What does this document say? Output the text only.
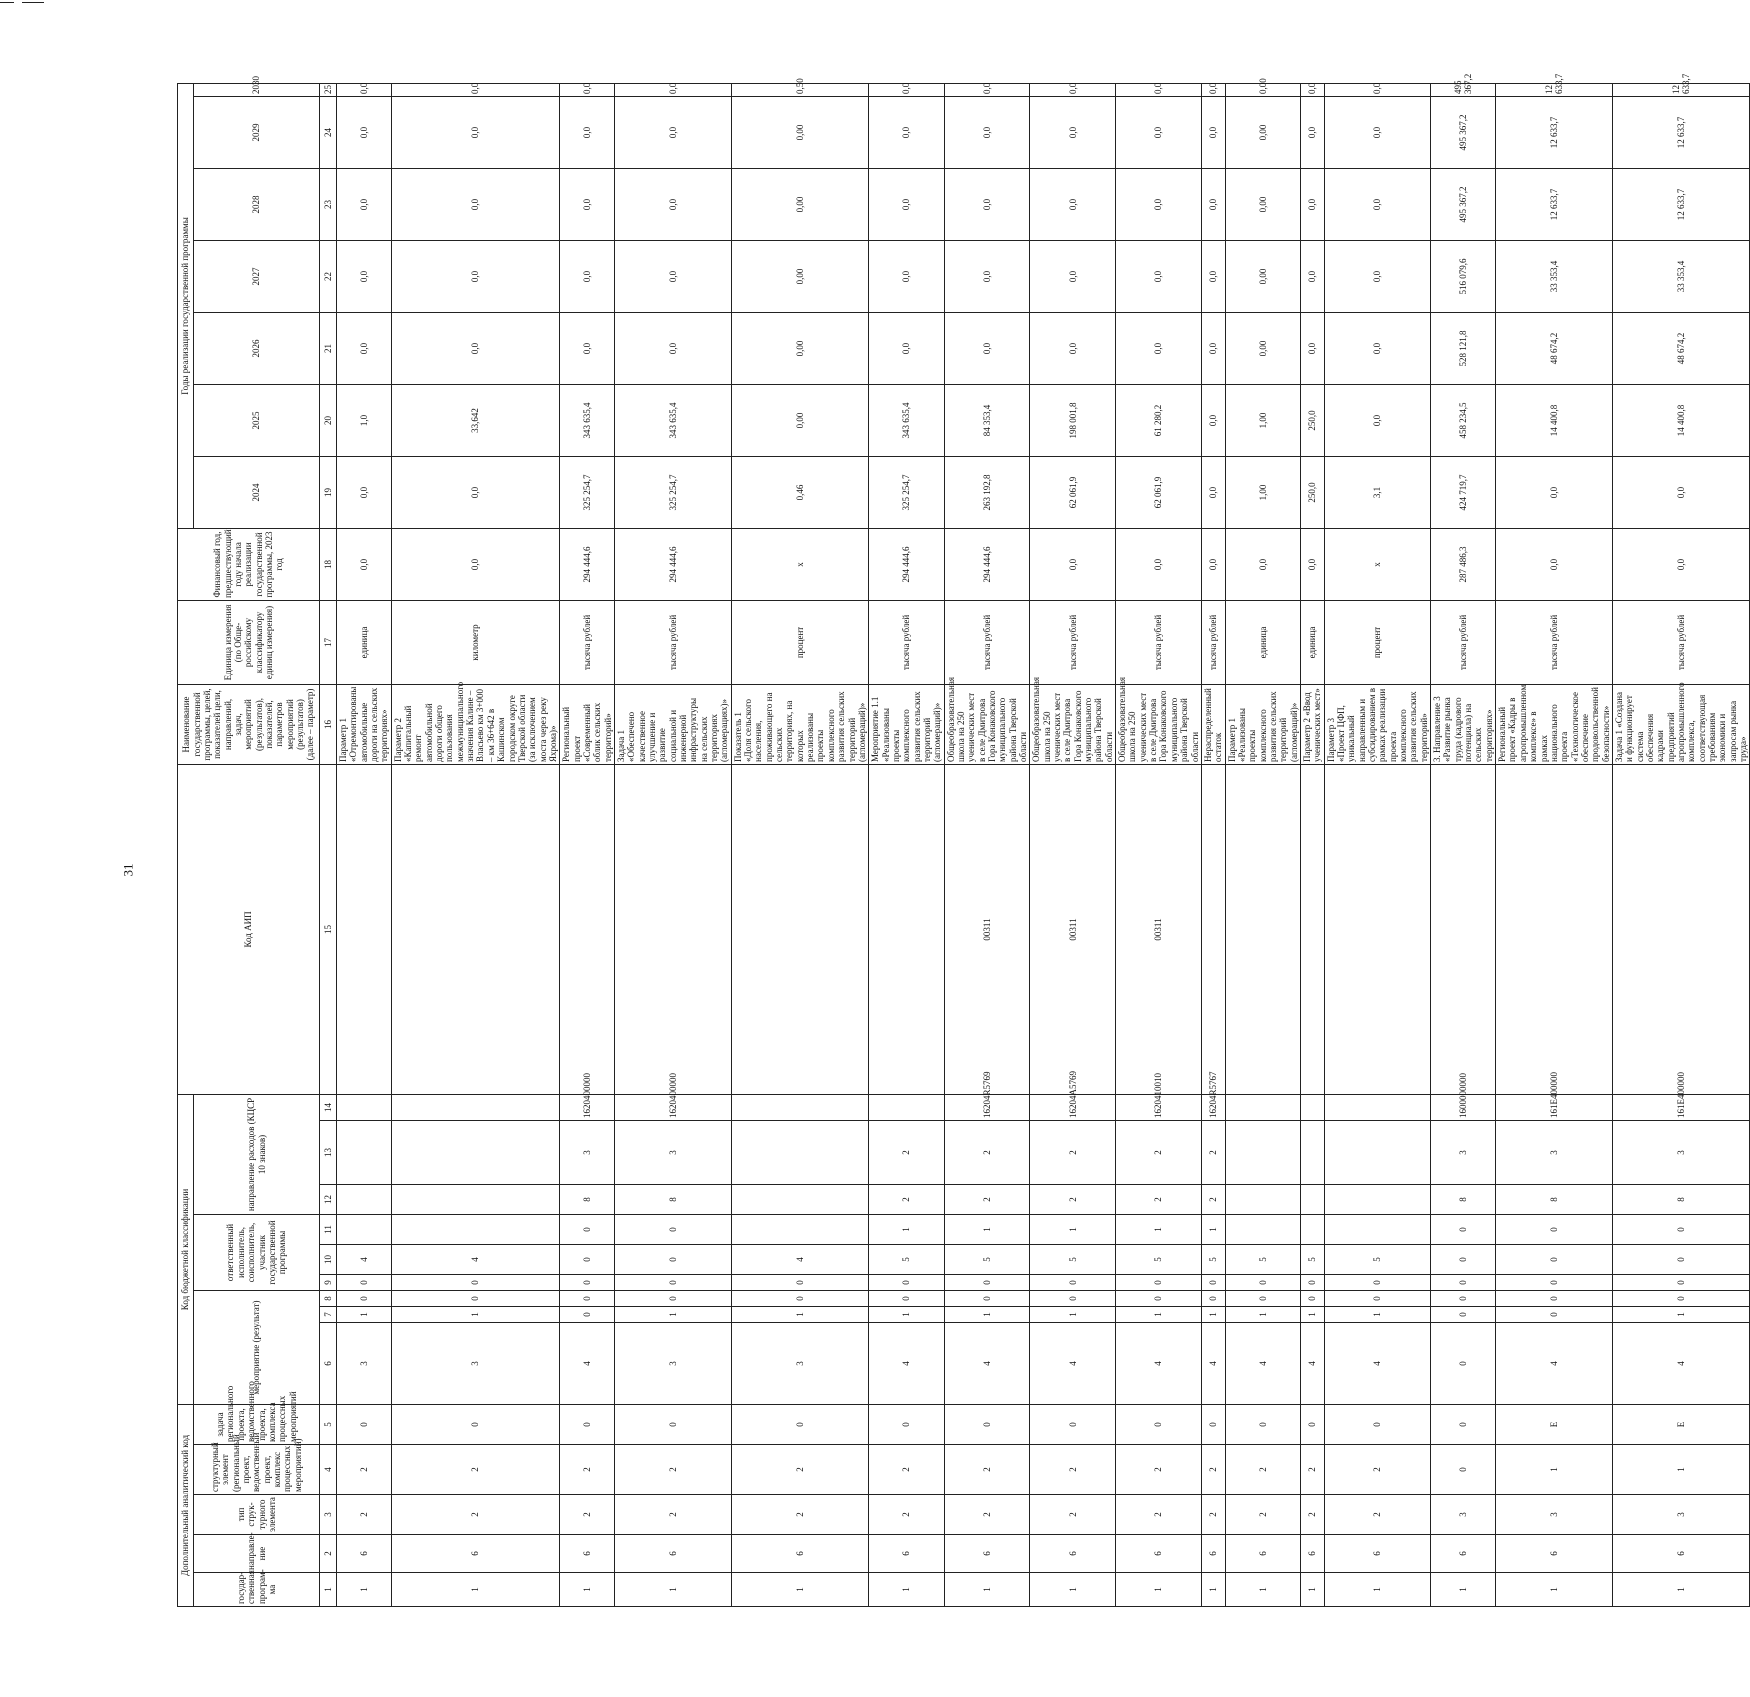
31
Дополнительный аналитический код					Код бюджетной классификации									Код АИП	Наименование государственной программы, целей, показателей цели, направлений, задач, мероприятий (результатов), показателей, параметров мероприятий (результатов) (далее – параметр)	Единица измерения (по Обще-российскому классификатору единиц измерения)	Финансовый год, предшествующий году начала реализации государственной программы, 2023 год	Годы реализации государственной программы						
государ-ственная програм-ма	направле-ние	тип струк-турного элемента	структурный элемент (региональный проект, ведомственный проект, комплекс процессных мероприятий)	задача регионального проекта, ведомственного проекта, комплекса процессных мероприятий	мероприятие (результат)			ответственный исполнитель, соисполнитель, участник государственной программы			направление расходов (КЦСР 10 знаков)							2024	2025	2026	2027	2028	2029	2030

1	2	3	4	5	6	7	8	9	10	11	12	13	14	15	16	17	18	19	20	21	22	23	24	25
1	6	2	2	0	3	1	0	0	4						Параметр 1 «Отремонтированы автомобильные дороги на сельских территориях»	единица	0,0	0,0	1,0	0,0	0,0	0,0	0,0	0,0
1	6	2	2	0	3	1	0	0	4						Параметр 2 «Капитальный ремонт автомобильной дороги общего пользования межмуниципального значения Калине – Власьево км 3+000 – км 36+642 в Кашинском городском округе Тверской области (за исключением моста через реку Яхрома)»	километр	0,0	0,0	33,642	0,0	0,0	0,0	0,0	0,0
1	6	2	2	0	4	0	0	0	0	0	8	3	1620400000		Региональный проект «Современный облик сельских территорий»	тысяча рублей	294 444,6	325 254,7	343 635,4	0,0	0,0	0,0	0,0	0,0
1	6	2	2	0	3	1	0	0	0	0	8	3	1620400000		Задача 1 «Обеспечено качественное улучшение и развитие социальной и инженерной инфраструктуры на сельских территориях (агломерациях)»	тысяча рублей	294 444,6	325 254,7	343 635,4	0,0	0,0	0,0	0,0	0,0
1	6	2	2	0	3	1	0	0	4						Показатель 1 «Доля сельского населения, проживающего на сельских территориях, на которых реализованы проекты комплексного развития сельских территорий (агломераций)»	процент	x	0,46	0,00	0,00	0,00	0,00	0,00	0,50
1	6	2	2	0	4	1	0	0	5	1	2	2			Мероприятие 1.1 «Реализованы проекты комплексного развития сельских территорий (агломераций)»	тысяча рублей	294 444,6	325 254,7	343 635,4	0,0	0,0	0,0	0,0	0,0
1	6	2	2	0	4	1	0	0	5	1	2	2	16204R5769	00311	Общеобразовательная школа на 250 ученических мест в селе Дмитрова Гора Конаковского муниципального района Тверской области	тысяча рублей	294 444,6	263 192,8	84 353,4	0,0	0,0	0,0	0,0	0,0
1	6	2	2	0	4	1	0	0	5	1	2	2	16204А5769	00311	Общеобразовательная школа на 250 ученических мест в селе Дмитрова Гора Конаковского муниципального района Тверской области	тысяча рублей	0,0	62 061,9	198 001,8	0,0	0,0	0,0	0,0	0,0
1	6	2	2	0	4	1	0	0	5	1	2	2	1620410010	00311	Общеобразовательная школа на 250 ученических мест в селе Дмитрова Гора Конаковского муниципального района Тверской области	тысяча рублей	0,0	62 061,9	61 280,2	0,0	0,0	0,0	0,0	0,0
1	6	2	2	0	4	1	0	0	5	1	2	2	16204R5767		Нераспределенный остаток	тысяча рублей	0,0	0,0	0,0	0,0	0,0	0,0	0,0	0,0
1	6	2	2	0	4	1	0	0	5						Параметр 1 «Реализованы проекты комплексного развития сельских территорий (агломераций)»	единица	0,0	1,00	1,00	0,00	0,00	0,00	0,00	0,00
1	6	2	2	0	4	1	0	0	5						Параметр 2 «Ввод ученических мест»	единица	0,0	250,0	250,0	0,0	0,0	0,0	0,0	0,0
1	6	2	2	0	4	1	0	0	5						Параметр 3 «Проект ЦФП, уникальный направленным и субсидированием в рамках реализации проекта комплексного развития сельских территорий»	процент	x	3,1	0,0	0,0	0,0	0,0	0,0	0,0
1	6	3	0	0	0	0	0	0	0	0	8	3	1600000000		3. Направление 3 «Развитие рынка труда (кадрового потенциала) на сельских территориях»	тысяча рублей	287 486,3	424 719,7	458 234,5	528 121,8	516 079,6	495 367,2	495 367,2	495 367,2
1	6	3	1	Е	4	0	0	0	0	0	8	3	161Е400000		Региональный проект «Кадры в агропромышленном комплексе» в рамках национального проекта «Технологическое обеспечение продовольственной безопасности»	тысяча рублей	0,0	0,0	14 400,8	48 674,2	33 353,4	12 633,7	12 633,7	12 633,7
1	6	3	1	Е	4	1	0	0	0	0	8	3	161Е400000		Задача 1 «Создана и функционирует система обеспечения кадрами предприятий агропромышленного комплекса, соответствующая требованиям экономики и запросам рынка труда»	тысяча рублей	0,0	0,0	14 400,8	48 674,2	33 353,4	12 633,7	12 633,7	12 633,7
